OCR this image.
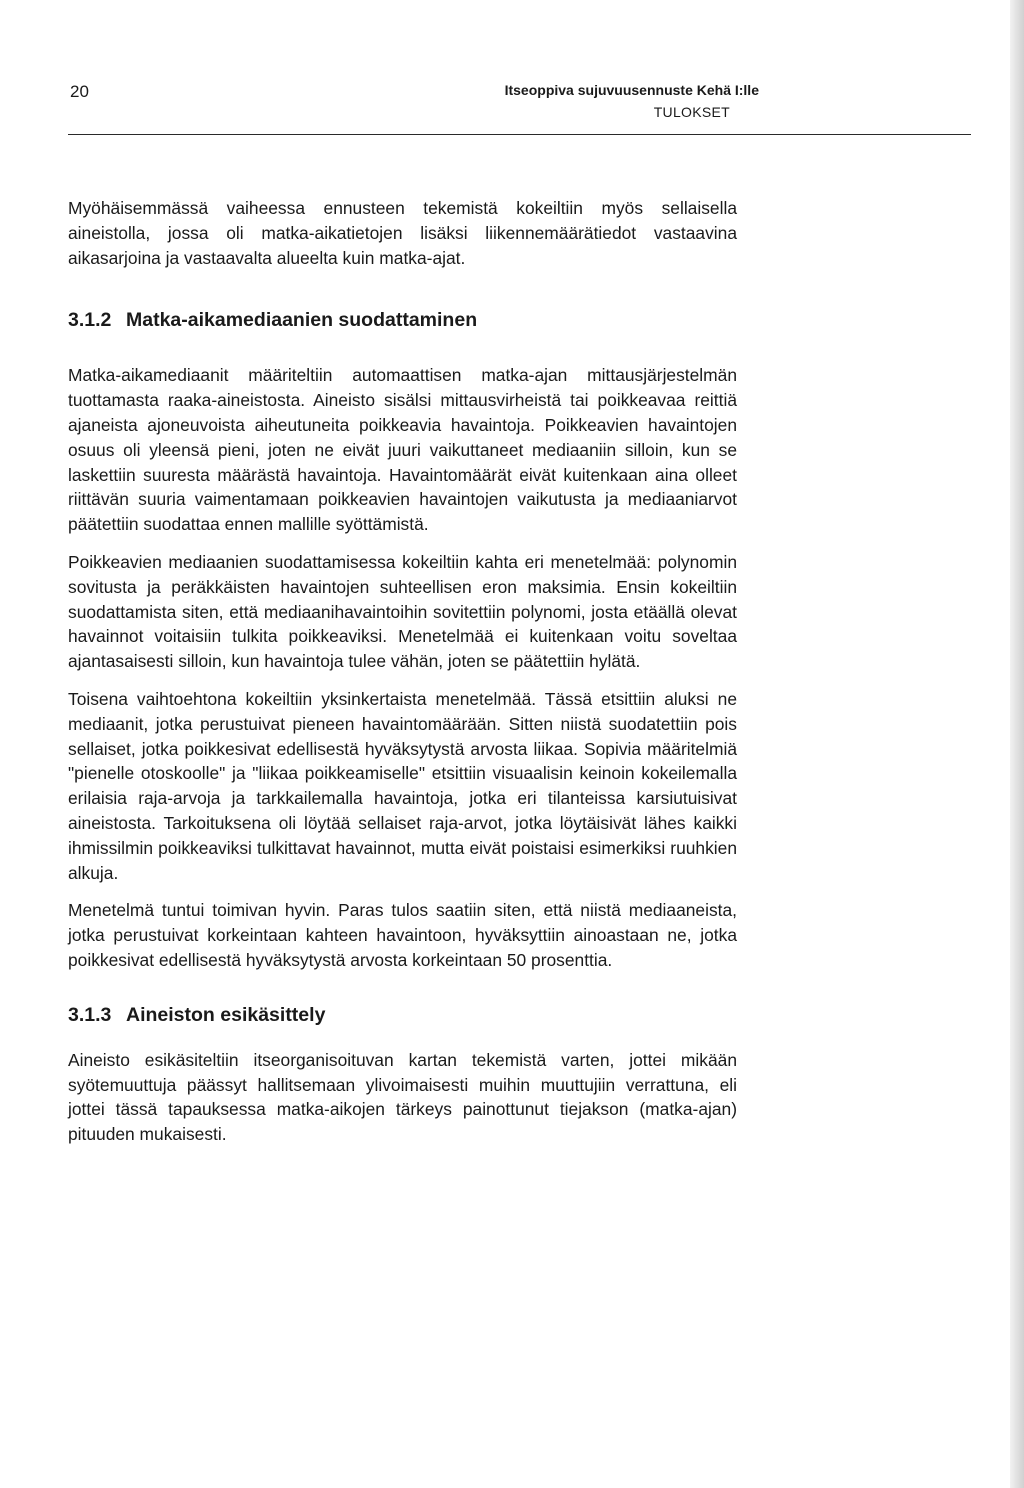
20	Itseoppiva sujuvuusennuste Kehä I:lle
TULOKSET

Myöhäisemmässä vaiheessa ennusteen tekemistä kokeiltiin myös sellaisella aineistolla, jossa oli matka-aikatietojen lisäksi liikennemäärätiedot vastaavina aikasarjoina ja vastaavalta alueelta kuin matka-ajat.

3.1.2 Matka-aikamediaanien suodattaminen

Matka-aikamediaanit määriteltiin automaattisen matka-ajan mittausjärjestelmän tuottamasta raaka-aineistosta. Aineisto sisälsi mittausvirheistä tai poikkeavaa reittiä ajaneista ajoneuvoista aiheutuneita poikkeavia havaintoja. Poikkeavien havaintojen osuus oli yleensä pieni, joten ne eivät juuri vaikuttaneet mediaaniin silloin, kun se laskettiin suuresta määrästä havaintoja. Havaintomäärät eivät kuitenkaan aina olleet riittävän suuria vaimentamaan poikkeavien havaintojen vaikutusta ja mediaaniarvot päätettiin suodattaa ennen mallille syöttämistä.

Poikkeavien mediaanien suodattamisessa kokeiltiin kahta eri menetelmää: polynomin sovitusta ja peräkkäisten havaintojen suhteellisen eron maksimia. Ensin kokeiltiin suodattamista siten, että mediaanihavaintoihin sovitettiin polynomi, josta etäällä olevat havainnot voitaisiin tulkita poikkeaviksi. Menetelmää ei kuitenkaan voitu soveltaa ajantasaisesti silloin, kun havaintoja tulee vähän, joten se päätettiin hylätä.

Toisena vaihtoehtona kokeiltiin yksinkertaista menetelmää. Tässä etsittiin aluksi ne mediaanit, jotka perustuivat pieneen havaintomäärään. Sitten niistä suodatettiin pois sellaiset, jotka poikkesivat edellisestä hyväksytystä arvosta liikaa. Sopivia määritelmiä "pienelle otoskoolle" ja "liikaa poikkeamiselle" etsittiin visuaalisin keinoin kokeilemalla erilaisia raja-arvoja ja tarkkailemalla havaintoja, jotka eri tilanteissa karsiutuisivat aineistosta. Tarkoituksena oli löytää sellaiset raja-arvot, jotka löytäisivät lähes kaikki ihmissilmin poikkeaviksi tulkittavat havainnot, mutta eivät poistaisi esimerkiksi ruuhkien alkuja.

Menetelmä tuntui toimivan hyvin. Paras tulos saatiin siten, että niistä mediaaneista, jotka perustuivat korkeintaan kahteen havaintoon, hyväksyttiin ainoastaan ne, jotka poikkesivat edellisestä hyväksytystä arvosta korkeintaan 50 prosenttia.

3.1.3 Aineiston esikäsittely

Aineisto esikäsiteltiin itseorganisoituvan kartan tekemistä varten, jottei mikään syötemuuttuja päässyt hallitsemaan ylivoimaisesti muihin muuttujiin verrattuna, eli jottei tässä tapauksessa matka-aikojen tärkeys painottunut tiejakson (matka-ajan) pituuden mukaisesti.
